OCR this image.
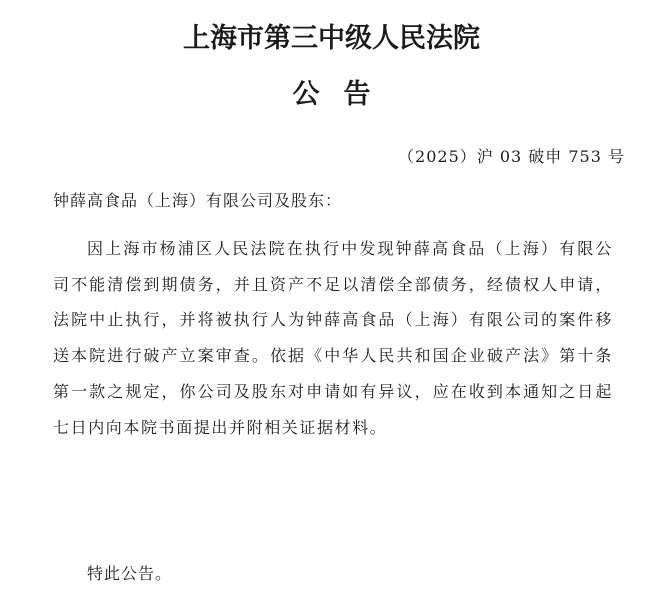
上海市第三中级人民法院
公告
（2025）沪 03 破申 753 号
钟薛高食品（上海）有限公司及股东：

因上海市杨浦区人民法院在执行中发现钟薛高食品（上海）有限公司不能清偿到期债务，并且资产不足以清偿全部债务，经债权人申请，法院中止执行，并将被执行人为钟薛高食品（上海）有限公司的案件移送本院进行破产立案审查。依据《中华人民共和国企业破产法》第十条第一款之规定，你公司及股东对申请如有异议，应在收到本通知之日起七日内向本院书面提出并附相关证据材料。

特此公告。
